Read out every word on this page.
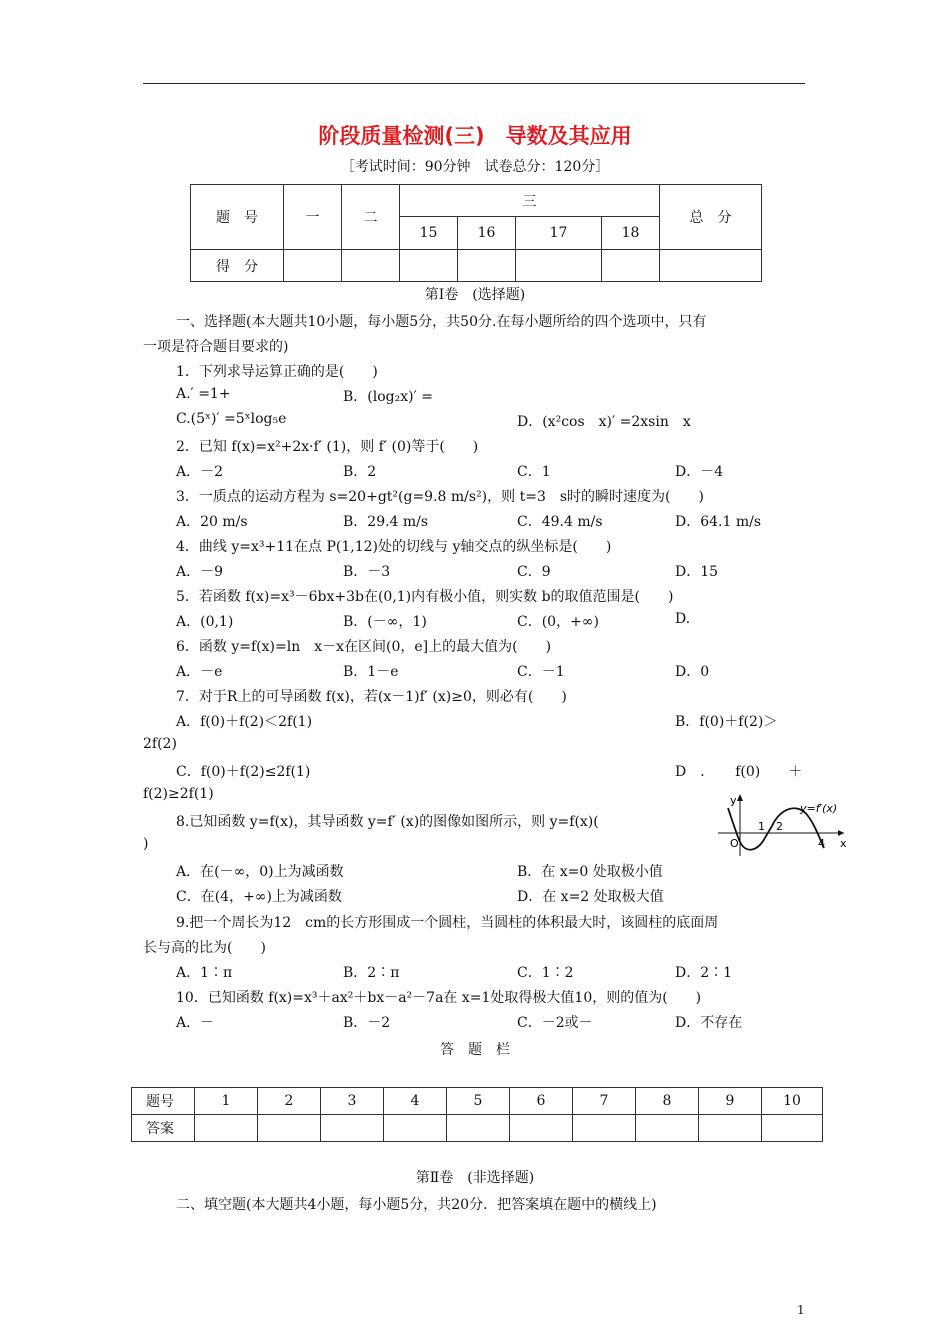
阶段质量检测(三)　导数及其应用
［考试时间：90分钟　试卷总分：120分］
题　号	一	二	三				总　分
			15	16	17	18	
得　分							
第Ⅰ卷　(选择题)
一、选择题(本大题共10小题，每小题5分，共50分.在每小题所给的四个选项中，只有
一项是符合题目要求的)
1．下列求导运算正确的是(　　)
A.′ =1+	B．(log₂x)′ =
C.(5ˣ)′ =5ˣlog₅e	D．(x²cos　x)′ =2xsin　x
2．已知 f(x)=x²+2x·f′ (1)，则 f′ (0)等于(　　)
A．－2	B．2	C．1	D．－4
3．一质点的运动方程为 s=20+gt²(g=9.8 m/s²)，则 t=3　s时的瞬时速度为(　　)
A．20 m/s	B．29.4 m/s	C．49.4 m/s	D．64.1 m/s
4．曲线 y=x³+11在点 P(1,12)处的切线与 y轴交点的纵坐标是(　　)
A．－9	B．－3	C．9	D．15
5．若函数 f(x)=x³－6bx+3b在(0,1)内有极小值，则实数 b的取值范围是(　　)
A．(0,1)	B．(－∞，1)	C．(0，+∞)	D.
6．函数 y=f(x)=ln　x－x在区间(0，e]上的最大值为(　　)
A．－e	B．1－e	C．－1	D．0
7．对于R上的可导函数 f(x)，若(x－1)f′ (x)≥0，则必有(　　)
A．f(0)＋f(2)＜2f(1)	B．f(0)＋f(2)＞
2f(2)
C．f(0)＋f(2)≤2f(1)	D　．　　f(0)　　＋
f(2)≥2f(1)
8.已知函数 y=f(x)，其导函数 y=f′ (x)的图像如图所示，则 y=f(x)(
)
y
x
O
1 2
4
y=f′(x)
A．在(－∞，0)上为减函数	B．在 x=0 处取极小值
C．在(4，+∞)上为减函数	D．在 x=2 处取极大值
9.把一个周长为12　cm的长方形围成一个圆柱，当圆柱的体积最大时，该圆柱的底面周
长与高的比为(　　)
A．1∶π	B．2∶π	C．1∶2	D．2∶1
10．已知函数 f(x)=x³＋ax²＋bx－a²－7a在 x=1处取得极大值10，则的值为(　　)
A．－	B．－2	C．－2或－	D．不存在
答　题　栏
题号	1	2	3	4	5	6	7	8	9	10
答案										
第Ⅱ卷　(非选择题)
二、填空题(本大题共4小题，每小题5分，共20分．把答案填在题中的横线上)
1
